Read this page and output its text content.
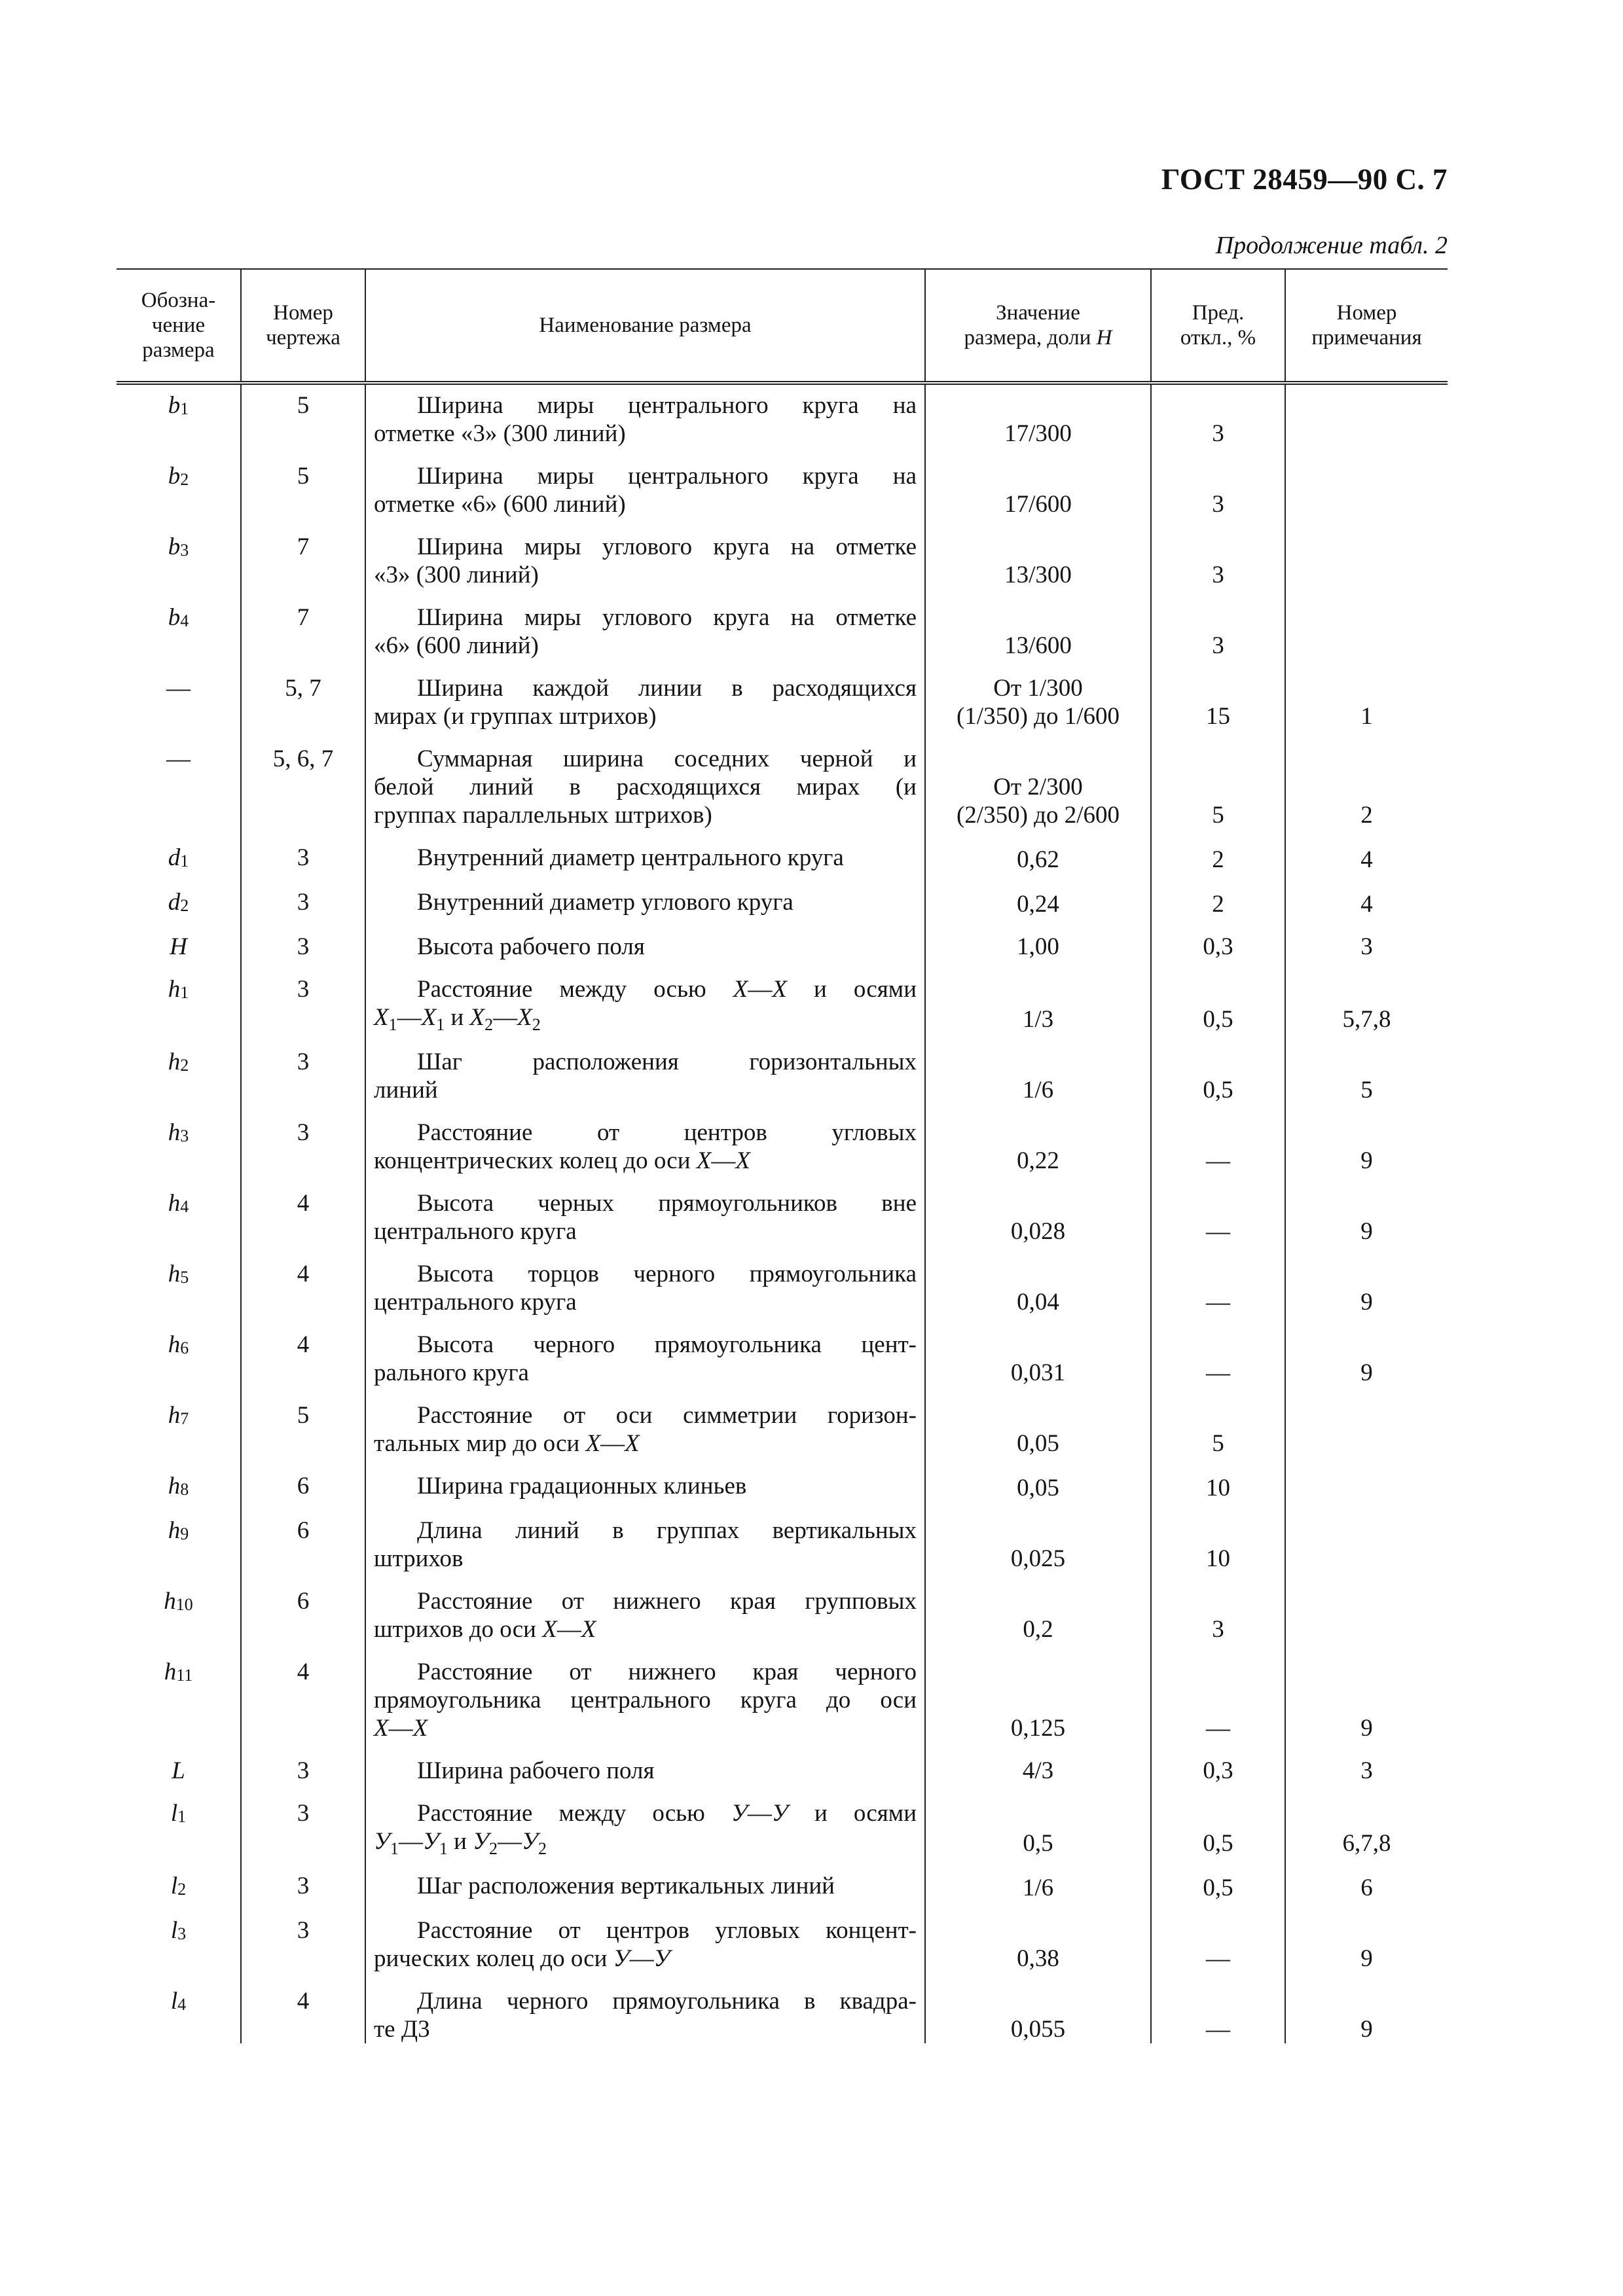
ГОСТ 28459—90 С. 7
Продолжение табл. 2
Обозна-
чение
размера	Номер
чертежа	Наименование размера	Значение
размера, доли H	Пред.
откл., %	Номер
примечания
$b_1$	5	Ширина миры центрального круга на
отметке «3» (300 линий)	17/300	3	

$b_2$	5	Ширина миры центрального круга на
отметке «6» (600 линий)	17/600	3	

$b_3$	7	Ширина миры углового круга на отметке
«3» (300 линий)	13/300	3	

$b_4$	7	Ширина миры углового круга на отметке
«6» (600 линий)	13/600	3	

—	5, 7	Ширина каждой линии в расходящихся
мирах (и группах штрихов)	От 1/300
(1/350) до 1/600	15	1

—	5, 6, 7	Суммарная ширина соседних черной и
белой линий в расходящихся мирах (и
группах параллельных штрихов)	От 2/300
(2/350) до 2/600	5	2

$d_1$	3	Внутренний диаметр центрального круга	0,62	2	4

$d_2$	3	Внутренний диаметр углового круга	0,24	2	4

H	3	Высота рабочего поля	1,00	0,3	3

$h_1$	3	Расстояние между осью X—X и осями
$X_1—X_1$ и $X_2—X_2$	1/3	0,5	5,7,8

$h_2$	3	Шаг расположения горизонтальных
линий	1/6	0,5	5

$h_3$	3	Расстояние от центров угловых
концентрических колец до оси X—X	0,22	—	9

$h_4$	4	Высота черных прямоугольников вне
центрального круга	0,028	—	9

$h_5$	4	Высота торцов черного прямоугольника
центрального круга	0,04	—	9

$h_6$	4	Высота черного прямоугольника цент-
рального круга	0,031	—	9

$h_7$	5	Расстояние от оси симметрии горизон-
тальных мир до оси X—X	0,05	5	

$h_8$	6	Ширина градационных клиньев	0,05	10	

$h_9$	6	Длина линий в группах вертикальных
штрихов	0,025	10	

$h_{10}$	6	Расстояние от нижнего края групповых
штрихов до оси X—X	0,2	3	

$h_{11}$	4	Расстояние от нижнего края черного
прямоугольника центрального круга до оси
X—X	0,125	—	9

L	3	Ширина рабочего поля	4/3	0,3	3

$l_1$	3	Расстояние между осью У—У и осями
$У_1—У_1$ и $У_2—У_2$	0,5	0,5	6,7,8

$l_2$	3	Шаг расположения вертикальных линий	1/6	0,5	6

$l_3$	3	Расстояние от центров угловых концент-
рических колец до оси У—У	0,38	—	9

$l_4$	4	Длина черного прямоугольника в квадра-
те Д3	0,055	—	9
